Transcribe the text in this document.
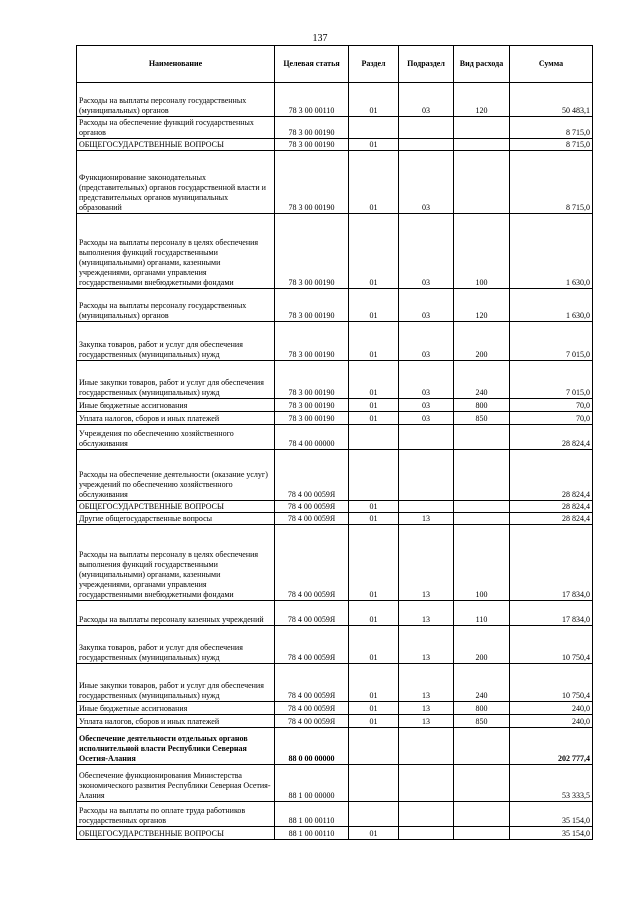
137
Наименование	Целевая статья	Раздел	Подраздел	Вид расхода	Сумма
Расходы на выплаты персоналу государственных (муниципальных) органов	78 3 00 00110	01	03	120	50 483,1
Расходы на обеспечение функций государственных органов	78 3 00 00190				8 715,0
ОБЩЕГОСУДАРСТВЕННЫЕ ВОПРОСЫ	78 3 00 00190	01			8 715,0
Функционирование законодательных (представительных) органов государственной власти и представительных органов муниципальных образований	78 3 00 00190	01	03		8 715,0
Расходы на выплаты персоналу в целях обеспечения выполнения функций государственными (муниципальными) органами, казенными учреждениями, органами управления государственными внебюджетными фондами	78 3 00 00190	01	03	100	1 630,0
Расходы на выплаты персоналу государственных (муниципальных) органов	78 3 00 00190	01	03	120	1 630,0
Закупка товаров, работ и услуг для обеспечения государственных (муниципальных) нужд	78 3 00 00190	01	03	200	7 015,0
Иные закупки товаров, работ и услуг для обеспечения государственных (муниципальных) нужд	78 3 00 00190	01	03	240	7 015,0
Иные бюджетные ассигнования	78 3 00 00190	01	03	800	70,0
Уплата налогов, сборов и иных платежей	78 3 00 00190	01	03	850	70,0
Учреждения по обеспечению хозяйственного обслуживания	78 4 00 00000				28 824,4
Расходы на обеспечение деятельности (оказание услуг) учреждений по обеспечению хозяйственного обслуживания	78 4 00 0059Я				28 824,4
ОБЩЕГОСУДАРСТВЕННЫЕ ВОПРОСЫ	78 4 00 0059Я	01			28 824,4
Другие общегосударственные вопросы	78 4 00 0059Я	01	13		28 824,4
Расходы на выплаты персоналу в целях обеспечения выполнения функций государственными (муниципальными) органами, казенными учреждениями, органами управления государственными внебюджетными фондами	78 4 00 0059Я	01	13	100	17 834,0
Расходы на выплаты персоналу казенных учреждений	78 4 00 0059Я	01	13	110	17 834,0
Закупка товаров, работ и услуг для обеспечения государственных (муниципальных) нужд	78 4 00 0059Я	01	13	200	10 750,4
Иные закупки товаров, работ и услуг для обеспечения государственных (муниципальных) нужд	78 4 00 0059Я	01	13	240	10 750,4
Иные бюджетные ассигнования	78 4 00 0059Я	01	13	800	240,0
Уплата налогов, сборов и иных платежей	78 4 00 0059Я	01	13	850	240,0
Обеспечение деятельности отдельных органов исполнительной власти Республики Северная Осетия-Алания	88 0 00 00000				202 777,4
Обеспечение функционирования Министерства экономического развития Республики Северная Осетия-Алания	88 1 00 00000				53 333,5
Расходы на выплаты по оплате труда работников государственных органов	88 1 00 00110				35 154,0
ОБЩЕГОСУДАРСТВЕННЫЕ ВОПРОСЫ	88 1 00 00110	01			35 154,0
